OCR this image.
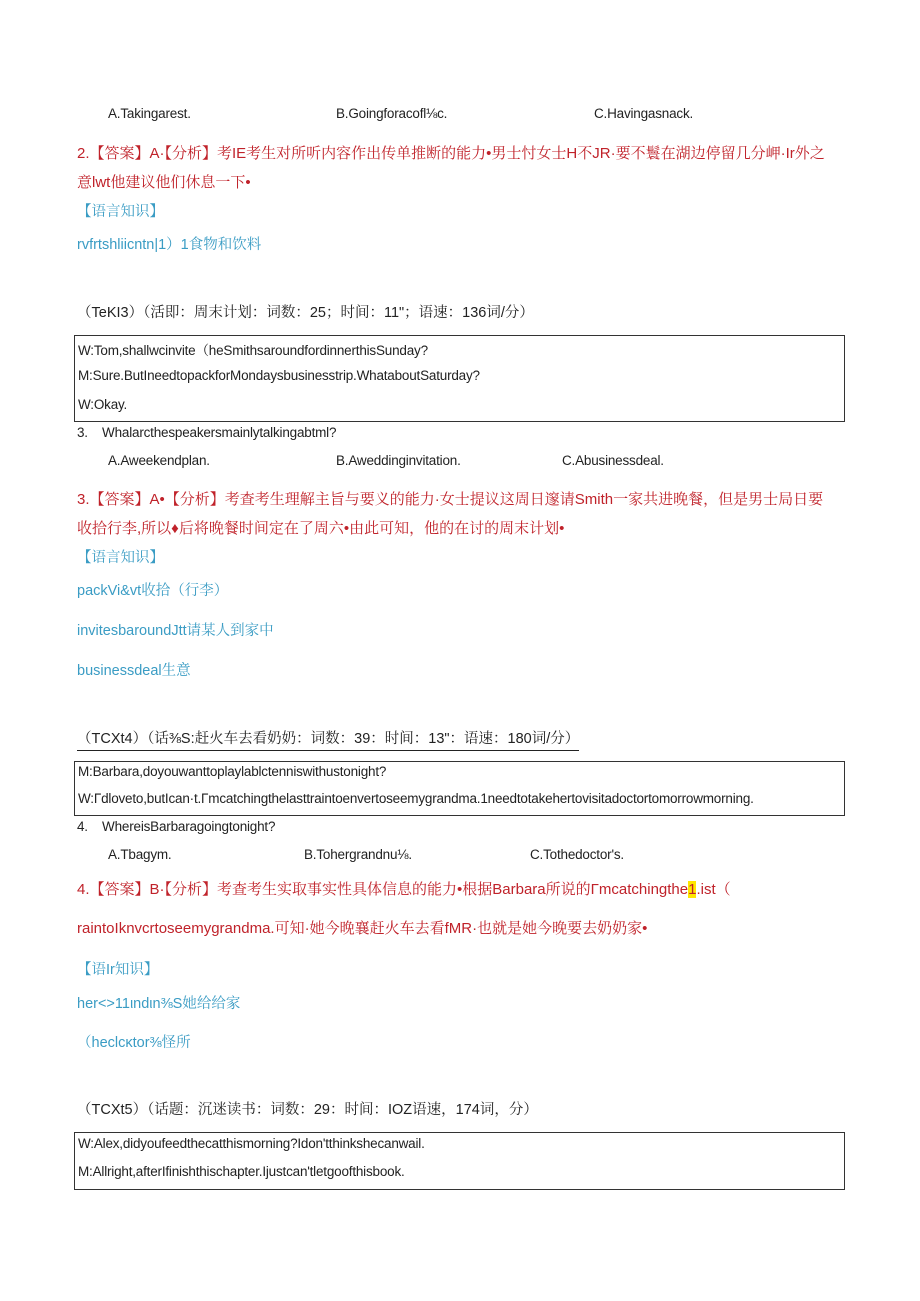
A.Takingarest.	B.Goingforacofl⅛c.	C.Havingasnack.
2.【答案】A·【分析】考IE考生对所听内容作出传单推断的能力•男士忖女士H不JR·要不鬟在湖边停留几分岬·Ir外之
意lwt他建议他们休息一下•
【语言知识】
rvfrtshliicntn|1）1食物和饮料
（TeKI3）（活即：周末计划：词数：25；时间：11"；语速：136词/分）
W:Tom,shallwcinvite（heSmithsaroundfordinnerthisSunday?
M:Sure.ButIneedtopackforMondaysbusinesstrip.WhataboutSaturday?
W:Okay.
3.    Whalarcthespeakersmainlytalkingabtml?
A.Aweekendplan.	B.Aweddinginvitation.	C.Abusinessdeal.
3.【答案】A•【分析】考查考生理解主旨与要义的能力·女士提议这周日邃请Smith一家共进晚餐，但是男士局日要
收拾行李,所以♦后将晚餐时间定在了周六•由此可知，他的在讨的周末计划•
【语言知识】
packVi&vt收拾（行李）
invitesbaroundJtt请某人到家中
businessdeal生意
（TCXt4）（话⅜S:赶火车去看奶奶：词数：39：时间：13"：语速：180词/分）
M:Barbara,doyouwanttoplaylablctenniswithustonight?
W:Γdloveto,butIcan·t.Γmcatchingthelasttraintoenvertoseemygrandma.1needtotakehertovisitadoctortomorrowmorning.
4.    WhereisBarbaragoingtonight?
A.Tbagym.	B.Tohergrandnu⅛.	C.Tothedoctor's.
4.【答案】B·【分析】考查考生实取事实性具体信息的能力•根据Barbara所说的Γmcatchingthe1.ist（
raintoIknvcrtoseemygrandma.可知·她今晚襄赶火车去看fMR·也就是她今晚要去奶奶家•
【语Ir知识】
her<>11ιndιn⅜S她给给家
（heclcκtor⅜怪所
（TCXt5）（话题：沉迷读书：词数：29：时间：IOZ语速，174词，分）
W:Alex,didyoufeedthecatthismorning?Idon'tthinkshecanwail.
M:Allright,afterIfinishthischapter.Ijustcan'tletgoofthisbook.
